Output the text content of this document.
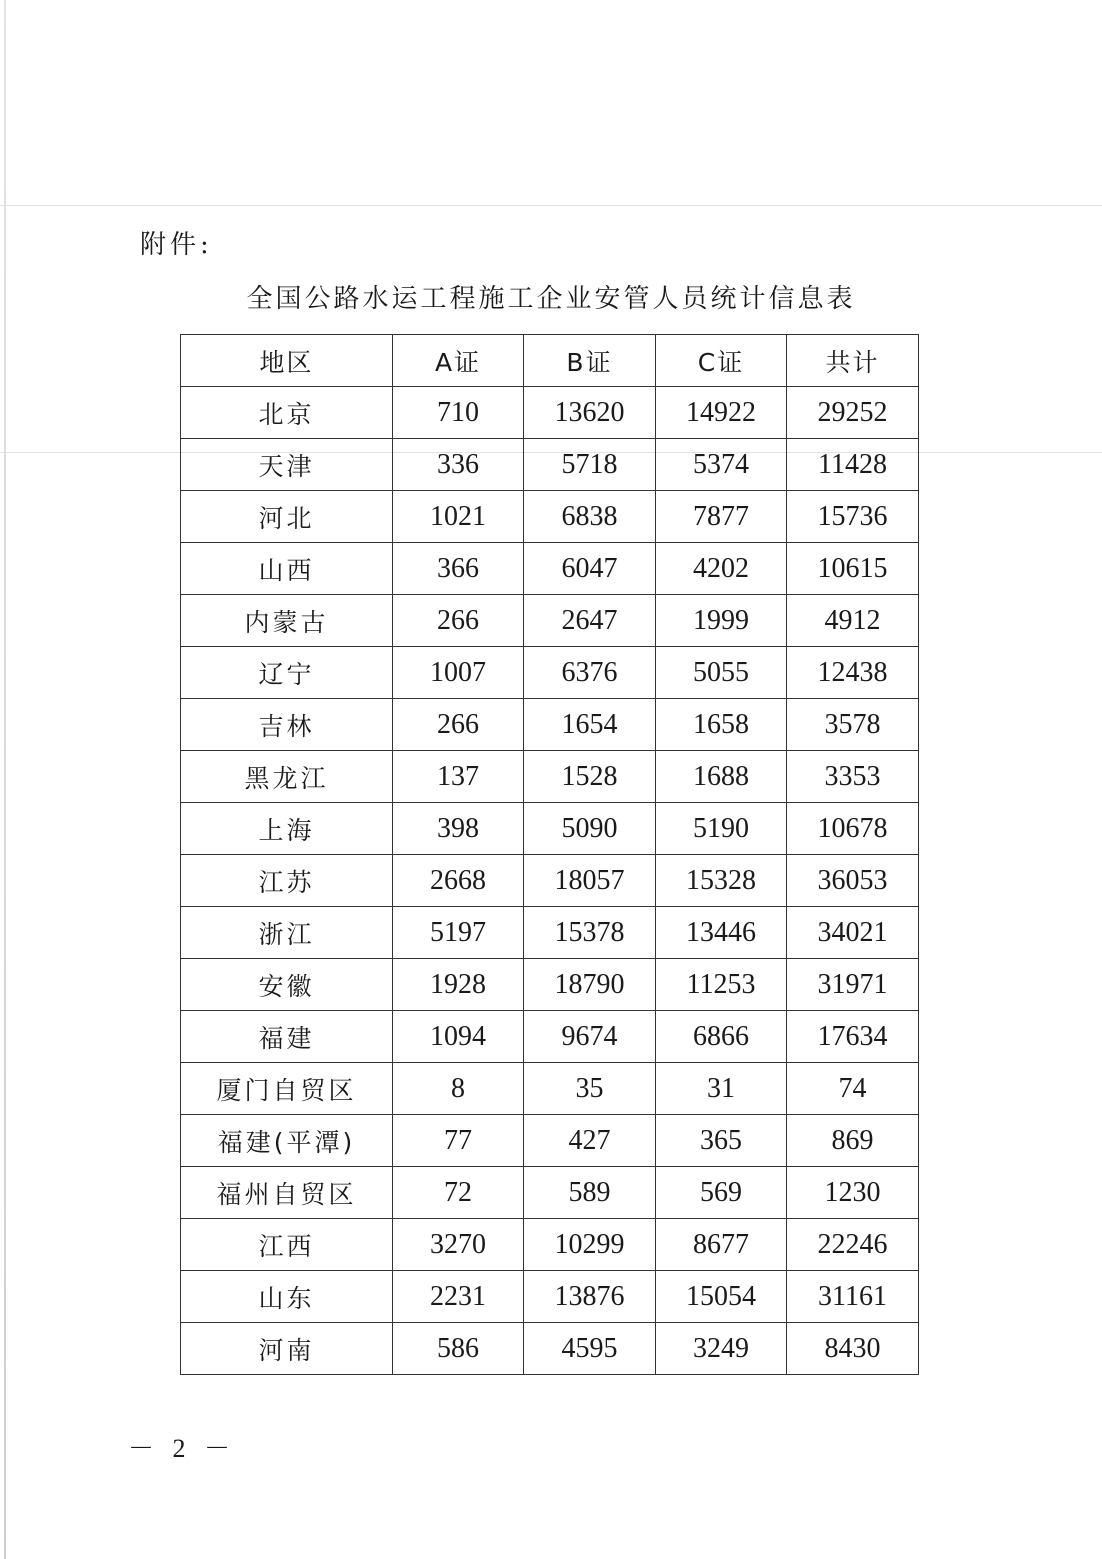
附件:
全国公路水运工程施工企业安管人员统计信息表
地区	A证	B证	C证	共计
北京	710	13620	14922	29252
天津	336	5718	5374	11428
河北	1021	6838	7877	15736
山西	366	6047	4202	10615
内蒙古	266	2647	1999	4912
辽宁	1007	6376	5055	12438
吉林	266	1654	1658	3578
黑龙江	137	1528	1688	3353
上海	398	5090	5190	10678
江苏	2668	18057	15328	36053
浙江	5197	15378	13446	34021
安徽	1928	18790	11253	31971
福建	1094	9674	6866	17634
厦门自贸区	8	35	31	74
福建(平潭)	77	427	365	869
福州自贸区	72	589	569	1230
江西	3270	10299	8677	22246
山东	2231	13876	15054	31161
河南	586	4595	3249	8430
－ 2 －
